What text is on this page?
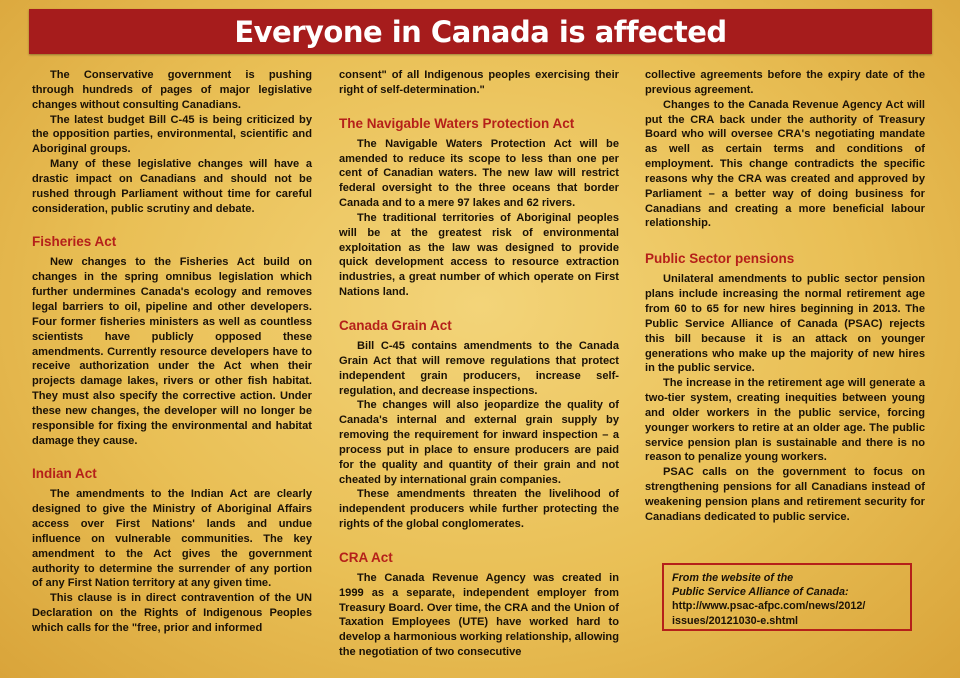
Everyone in Canada is affected

The Conservative government is pushing through hundreds of pages of major legislative changes without consulting Canadians.

The latest budget Bill C-45 is being criticized by the opposition parties, environmental, scientific and Aboriginal groups.

Many of these legislative changes will have a drastic impact on Canadians and should not be rushed through Parliament without time for careful consideration, public scrutiny and debate.

Fisheries Act

New changes to the Fisheries Act build on changes in the spring omnibus legislation which further undermines Canada's ecology and removes legal barriers to oil, pipeline and other developers. Four former fisheries ministers as well as countless scientists have publicly opposed these amendments. Currently resource developers have to receive authorization under the Act when their projects damage lakes, rivers or other fish habitat. They must also specify the corrective action. Under these new changes, the developer will no longer be responsible for fixing the environmental and habitat damage they cause.

Indian Act

The amendments to the Indian Act are clearly designed to give the Ministry of Aboriginal Affairs access over First Nations' lands and undue influence on vulnerable communities. The key amendment to the Act gives the government authority to determine the surrender of any portion of any First Nation territory at any given time.

This clause is in direct contravention of the UN Declaration on the Rights of Indigenous Peoples which calls for the "free, prior and informed

consent" of all Indigenous peoples exercising their right of self-determination."

The Navigable Waters Protection Act

The Navigable Waters Protection Act will be amended to reduce its scope to less than one per cent of Canadian waters. The new law will restrict federal oversight to the three oceans that border Canada and to a mere 97 lakes and 62 rivers.

The traditional territories of Aboriginal peoples will be at the greatest risk of environmental exploitation as the law was designed to provide quick development access to resource extraction industries, a great number of which operate on First Nations land.

Canada Grain Act

Bill C-45 contains amendments to the Canada Grain Act that will remove regulations that protect independent grain producers, increase self-regulation, and decrease inspections.

The changes will also jeopardize the quality of Canada's internal and external grain supply by removing the requirement for inward inspection – a process put in place to ensure producers are paid for the quality and quantity of their grain and not cheated by international grain companies.

These amendments threaten the livelihood of independent producers while further protecting the rights of the global conglomerates.

CRA Act

The Canada Revenue Agency was created in 1999 as a separate, independent employer from Treasury Board. Over time, the CRA and the Union of Taxation Employees (UTE) have worked hard to develop a harmonious working relationship, allowing the negotiation of two consecutive

collective agreements before the expiry date of the previous agreement.

Changes to the Canada Revenue Agency Act will put the CRA back under the authority of Treasury Board who will oversee CRA's negotiating mandate as well as certain terms and conditions of employment. This change contradicts the specific reasons why the CRA was created and approved by Parliament – a better way of doing business for Canadians and creating a more beneficial labour relationship.

Public Sector pensions

Unilateral amendments to public sector pension plans include increasing the normal retirement age from 60 to 65 for new hires beginning in 2013. The Public Service Alliance of Canada (PSAC) rejects this bill because it is an attack on younger generations who make up the majority of new hires in the public service.

The increase in the retirement age will generate a two-tier system, creating inequities between young and older workers in the public service, forcing younger workers to retire at an older age. The public service pension plan is sustainable and there is no reason to penalize young workers.

PSAC calls on the government to focus on strengthening pensions for all Canadians instead of weakening pension plans and retirement security for Canadians dedicated to public service.

From the website of the
Public Service Alliance of Canada:
http://www.psac-afpc.com/news/2012/
issues/20121030-e.shtml
